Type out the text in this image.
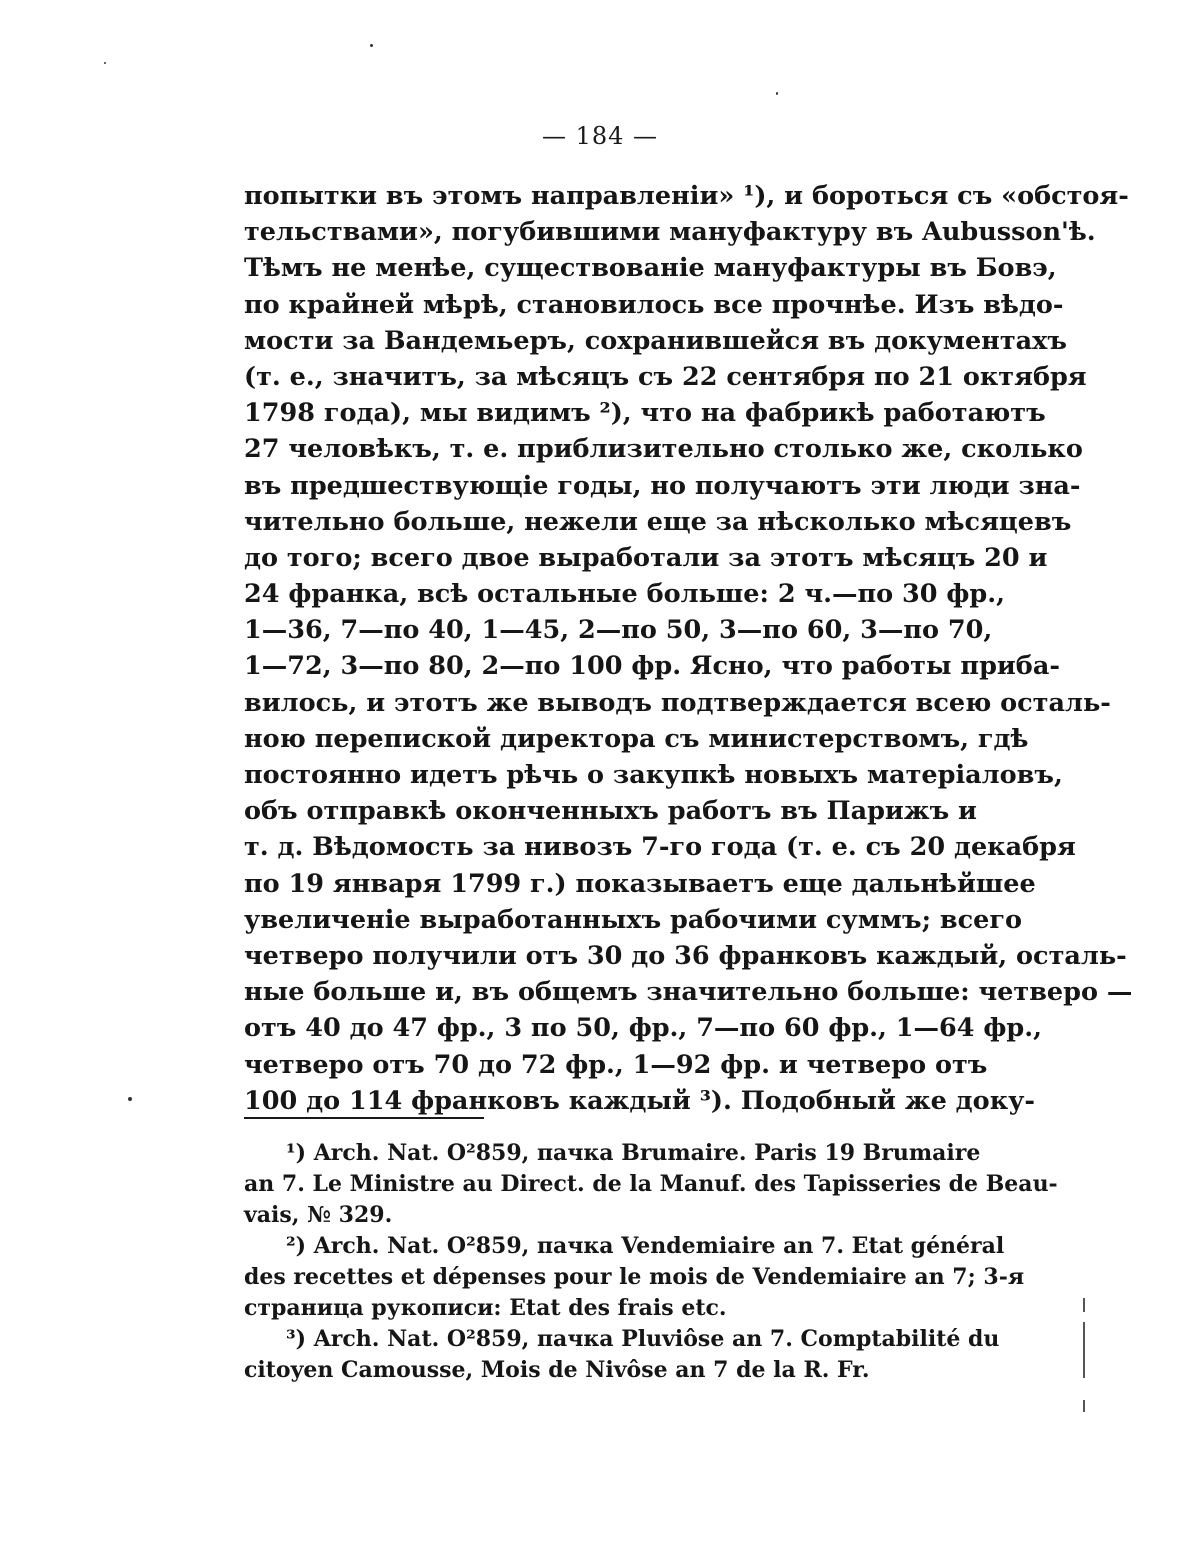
— 184 —
попытки въ этомъ направленіи» ¹), и бороться съ «обстоя-
тельствами», погубившими мануфактуру въ Aubusson'ѣ.
Тѣмъ не менѣе, существованіе мануфактуры въ Бовэ,
по крайней мѣрѣ, становилось все прочнѣе. Изъ вѣдо-
мости за Вандемьеръ, сохранившейся въ документахъ
(т. е., значитъ, за мѣсяцъ съ 22 сентября по 21 октября
1798 года), мы видимъ ²), что на фабрикѣ работаютъ
27 человѣкъ, т. е. приблизительно столько же, сколько
въ предшествующіе годы, но получаютъ эти люди зна-
чительно больше, нежели еще за нѣсколько мѣсяцевъ
до того; всего двое выработали за этотъ мѣсяцъ 20 и
24 франка, всѣ остальные больше: 2 ч.—по 30 фр.,
1—36, 7—по 40, 1—45, 2—по 50, 3—по 60, 3—по 70,
1—72, 3—по 80, 2—по 100 фр. Ясно, что работы приба-
вилось, и этотъ же выводъ подтверждается всею осталь-
ною перепиской директора съ министерствомъ, гдѣ
постоянно идетъ рѣчь о закупкѣ новыхъ матеріаловъ,
объ отправкѣ оконченныхъ работъ въ Парижъ и
т. д. Вѣдомость за нивозъ 7-го года (т. е. съ 20 декабря
по 19 января 1799 г.) показываетъ еще дальнѣйшее
увеличеніе выработанныхъ рабочими суммъ; всего
четверо получили отъ 30 до 36 франковъ каждый, осталь-
ные больше и, въ общемъ значительно больше: четверо —
отъ 40 до 47 фр., 3 по 50, фр., 7—по 60 фр., 1—64 фр.,
четверо отъ 70 до 72 фр., 1—92 фр. и четверо отъ
100 до 114 франковъ каждый ³). Подобный же доку-
¹) Arch. Nat. O²859, пачка Brumaire. Paris 19 Brumaire
an 7. Le Ministre au Direct. de la Manuf. des Tapisseries de Beau-
vais, № 329.
²) Arch. Nat. O²859, пачка Vendemiaire an 7. Etat général
des recettes et dépenses pour le mois de Vendemiaire an 7; 3-я
страница рукописи: Etat des frais etc.
³) Arch. Nat. O²859, пачка Pluviôse an 7. Comptabilité du
citoyen Camousse, Mois de Nivôse an 7 de la R. Fr.
